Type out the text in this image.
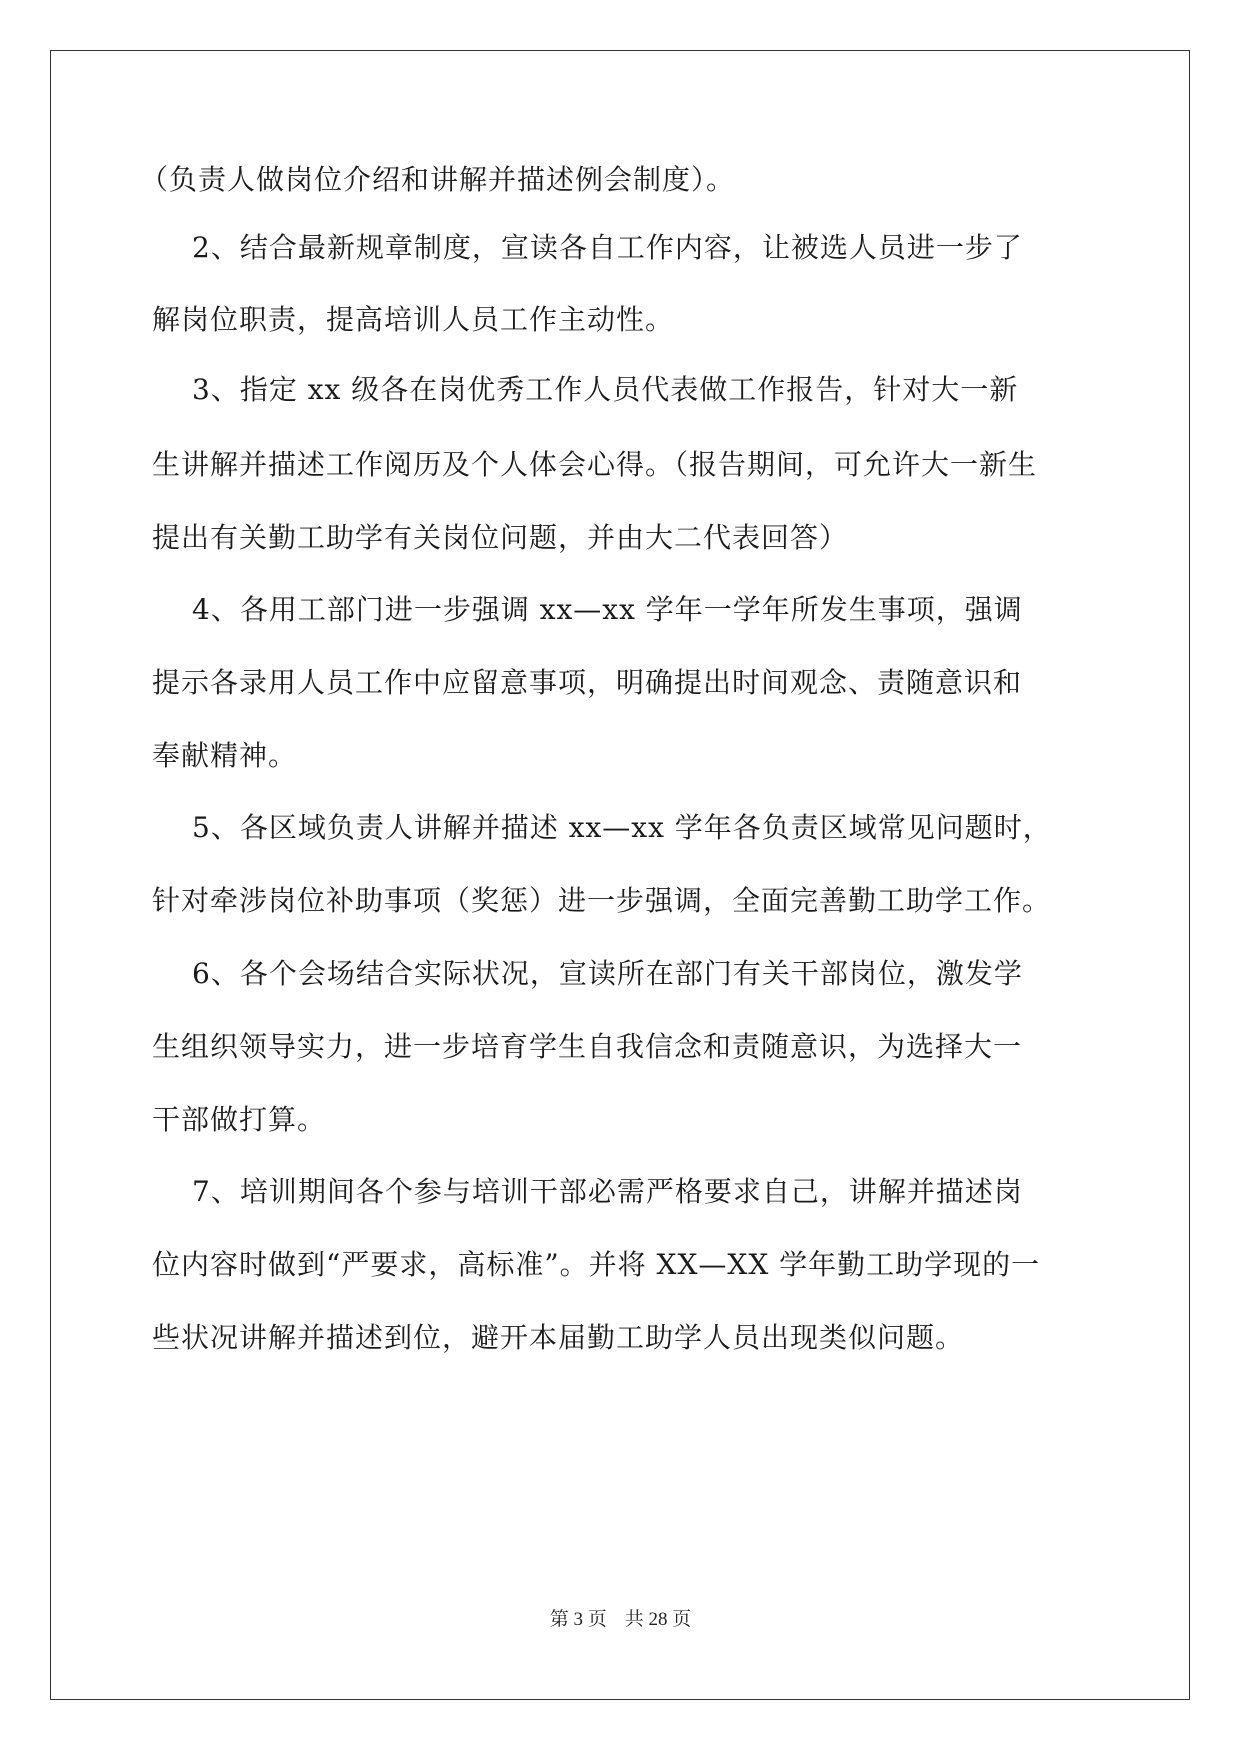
（负责人做岗位介绍和讲解并描述例会制度）。
2、结合最新规章制度，宣读各自工作内容，让被选人员进一步了
解岗位职责，提高培训人员工作主动性。
3、指定 xx 级各在岗优秀工作人员代表做工作报告，针对大一新
生讲解并描述工作阅历及个人体会心得。（报告期间，可允许大一新生
提出有关勤工助学有关岗位问题，并由大二代表回答）
4、各用工部门进一步强调 xx—xx 学年一学年所发生事项，强调
提示各录用人员工作中应留意事项，明确提出时间观念、责随意识和
奉献精神。
5、各区域负责人讲解并描述 xx—xx 学年各负责区域常见问题时，
针对牵涉岗位补助事项（奖惩）进一步强调，全面完善勤工助学工作。
6、各个会场结合实际状况，宣读所在部门有关干部岗位，激发学
生组织领导实力，进一步培育学生自我信念和责随意识，为选择大一
干部做打算。
7、培训期间各个参与培训干部必需严格要求自己，讲解并描述岗
位内容时做到“严要求，高标准”。并将 XX—XX 学年勤工助学现的一
些状况讲解并描述到位，避开本届勤工助学人员出现类似问题。
第 3 页 共 28 页
